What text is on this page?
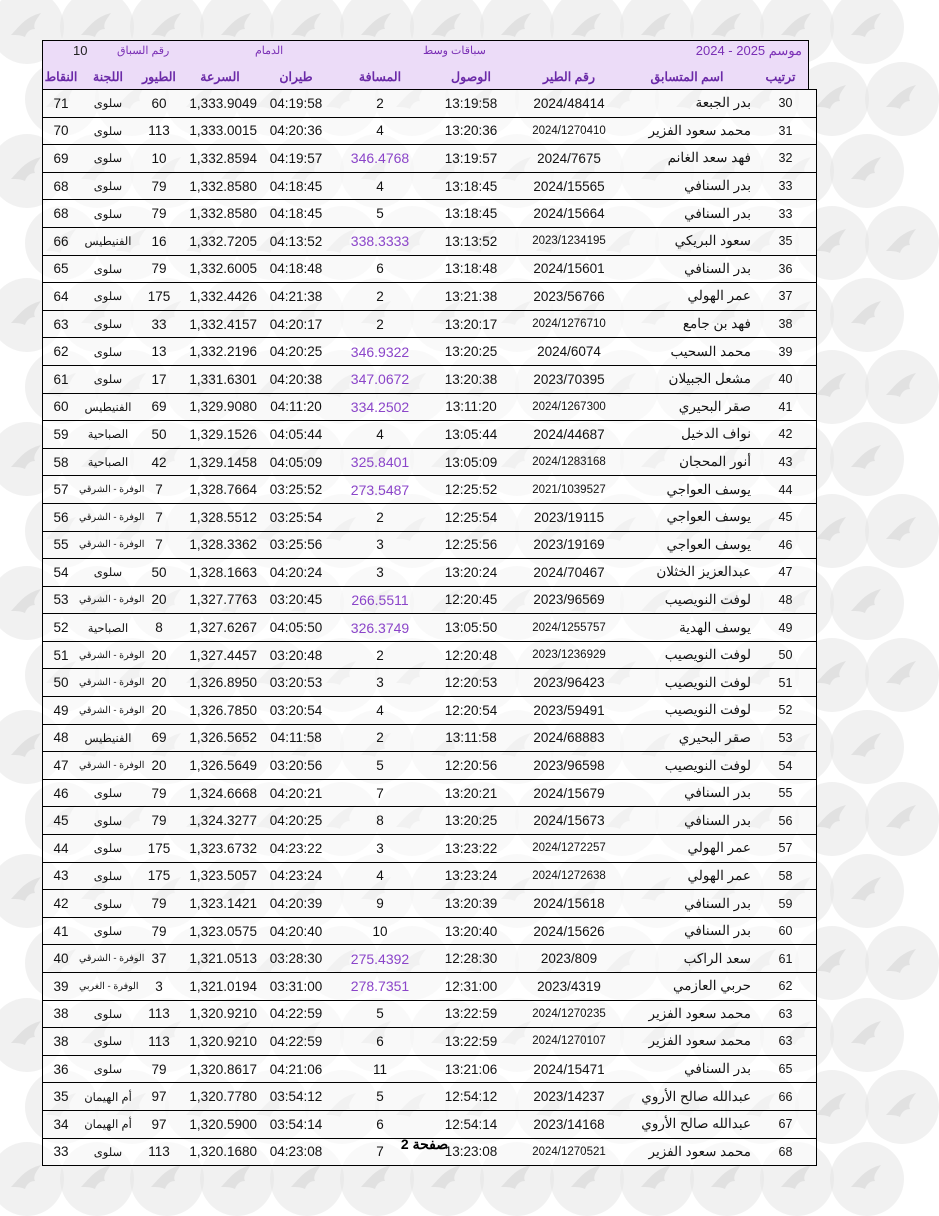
موسم 2025 - 2024
سباقات وسط
الدمام
رقم السباق
10
النقاط	اللجنة	الطيور	السرعة	طيران	المسافة	الوصول	رقم الطير	اسم المتسابق	ترتيب
71	سلوى	60	1,333.9049	04:19:58	2	13:19:58	2024/48414	بدر الجبعة	30
70	سلوى	113	1,333.0015	04:20:36	4	13:20:36	2024/1270410	محمد سعود الفزير	31
69	سلوى	10	1,332.8594	04:19:57	346.4768	13:19:57	2024/7675	فهد سعد الغانم	32
68	سلوى	79	1,332.8580	04:18:45	4	13:18:45	2024/15565	بدر السنافي	33
68	سلوى	79	1,332.8580	04:18:45	5	13:18:45	2024/15664	بدر السنافي	33
66	الفنيطيس	16	1,332.7205	04:13:52	338.3333	13:13:52	2023/1234195	سعود البريكي	35
65	سلوى	79	1,332.6005	04:18:48	6	13:18:48	2024/15601	بدر السنافي	36
64	سلوى	175	1,332.4426	04:21:38	2	13:21:38	2023/56766	عمر الهولي	37
63	سلوى	33	1,332.4157	04:20:17	2	13:20:17	2024/1276710	فهد بن جامع	38
62	سلوى	13	1,332.2196	04:20:25	346.9322	13:20:25	2024/6074	محمد السحيب	39
61	سلوى	17	1,331.6301	04:20:38	347.0672	13:20:38	2023/70395	مشعل الجبيلان	40
60	الفنيطيس	69	1,329.9080	04:11:20	334.2502	13:11:20	2024/1267300	صقر البحيري	41
59	الصباحية	50	1,329.1526	04:05:44	4	13:05:44	2024/44687	نواف الدخيل	42
58	الصباحية	42	1,329.1458	04:05:09	325.8401	13:05:09	2024/1283168	أنور المحجان	43
57	الوفرة - الشرقي	7	1,328.7664	03:25:52	273.5487	12:25:52	2021/1039527	يوسف العواجي	44
56	الوفرة - الشرقي	7	1,328.5512	03:25:54	2	12:25:54	2023/19115	يوسف العواجي	45
55	الوفرة - الشرقي	7	1,328.3362	03:25:56	3	12:25:56	2023/19169	يوسف العواجي	46
54	سلوى	50	1,328.1663	04:20:24	3	13:20:24	2024/70467	عبدالعزيز الخثلان	47
53	الوفرة - الشرقي	20	1,327.7763	03:20:45	266.5511	12:20:45	2023/96569	لوفت النويصيب	48
52	الصباحية	8	1,327.6267	04:05:50	326.3749	13:05:50	2024/1255757	يوسف الهدية	49
51	الوفرة - الشرقي	20	1,327.4457	03:20:48	2	12:20:48	2023/1236929	لوفت النويصيب	50
50	الوفرة - الشرقي	20	1,326.8950	03:20:53	3	12:20:53	2023/96423	لوفت النويصيب	51
49	الوفرة - الشرقي	20	1,326.7850	03:20:54	4	12:20:54	2023/59491	لوفت النويصيب	52
48	الفنيطيس	69	1,326.5652	04:11:58	2	13:11:58	2024/68883	صقر البحيري	53
47	الوفرة - الشرقي	20	1,326.5649	03:20:56	5	12:20:56	2023/96598	لوفت النويصيب	54
46	سلوى	79	1,324.6668	04:20:21	7	13:20:21	2024/15679	بدر السنافي	55
45	سلوى	79	1,324.3277	04:20:25	8	13:20:25	2024/15673	بدر السنافي	56
44	سلوى	175	1,323.6732	04:23:22	3	13:23:22	2024/1272257	عمر الهولي	57
43	سلوى	175	1,323.5057	04:23:24	4	13:23:24	2024/1272638	عمر الهولي	58
42	سلوى	79	1,323.1421	04:20:39	9	13:20:39	2024/15618	بدر السنافي	59
41	سلوى	79	1,323.0575	04:20:40	10	13:20:40	2024/15626	بدر السنافي	60
40	الوفرة - الشرقي	37	1,321.0513	03:28:30	275.4392	12:28:30	2023/809	سعد الراكب	61
39	الوفرة - الغربي	3	1,321.0194	03:31:00	278.7351	12:31:00	2023/4319	حربي العازمي	62
38	سلوى	113	1,320.9210	04:22:59	5	13:22:59	2024/1270235	محمد سعود الفزير	63
38	سلوى	113	1,320.9210	04:22:59	6	13:22:59	2024/1270107	محمد سعود الفزير	63
36	سلوى	79	1,320.8617	04:21:06	11	13:21:06	2024/15471	بدر السنافي	65
35	أم الهيمان	97	1,320.7780	03:54:12	5	12:54:12	2023/14237	عبدالله صالح الأروي	66
34	أم الهيمان	97	1,320.5900	03:54:14	6	12:54:14	2023/14168	عبدالله صالح الأروي	67
33	سلوى	113	1,320.1680	04:23:08	7	13:23:08	2024/1270521	محمد سعود الفزير	68
صفحة 2
